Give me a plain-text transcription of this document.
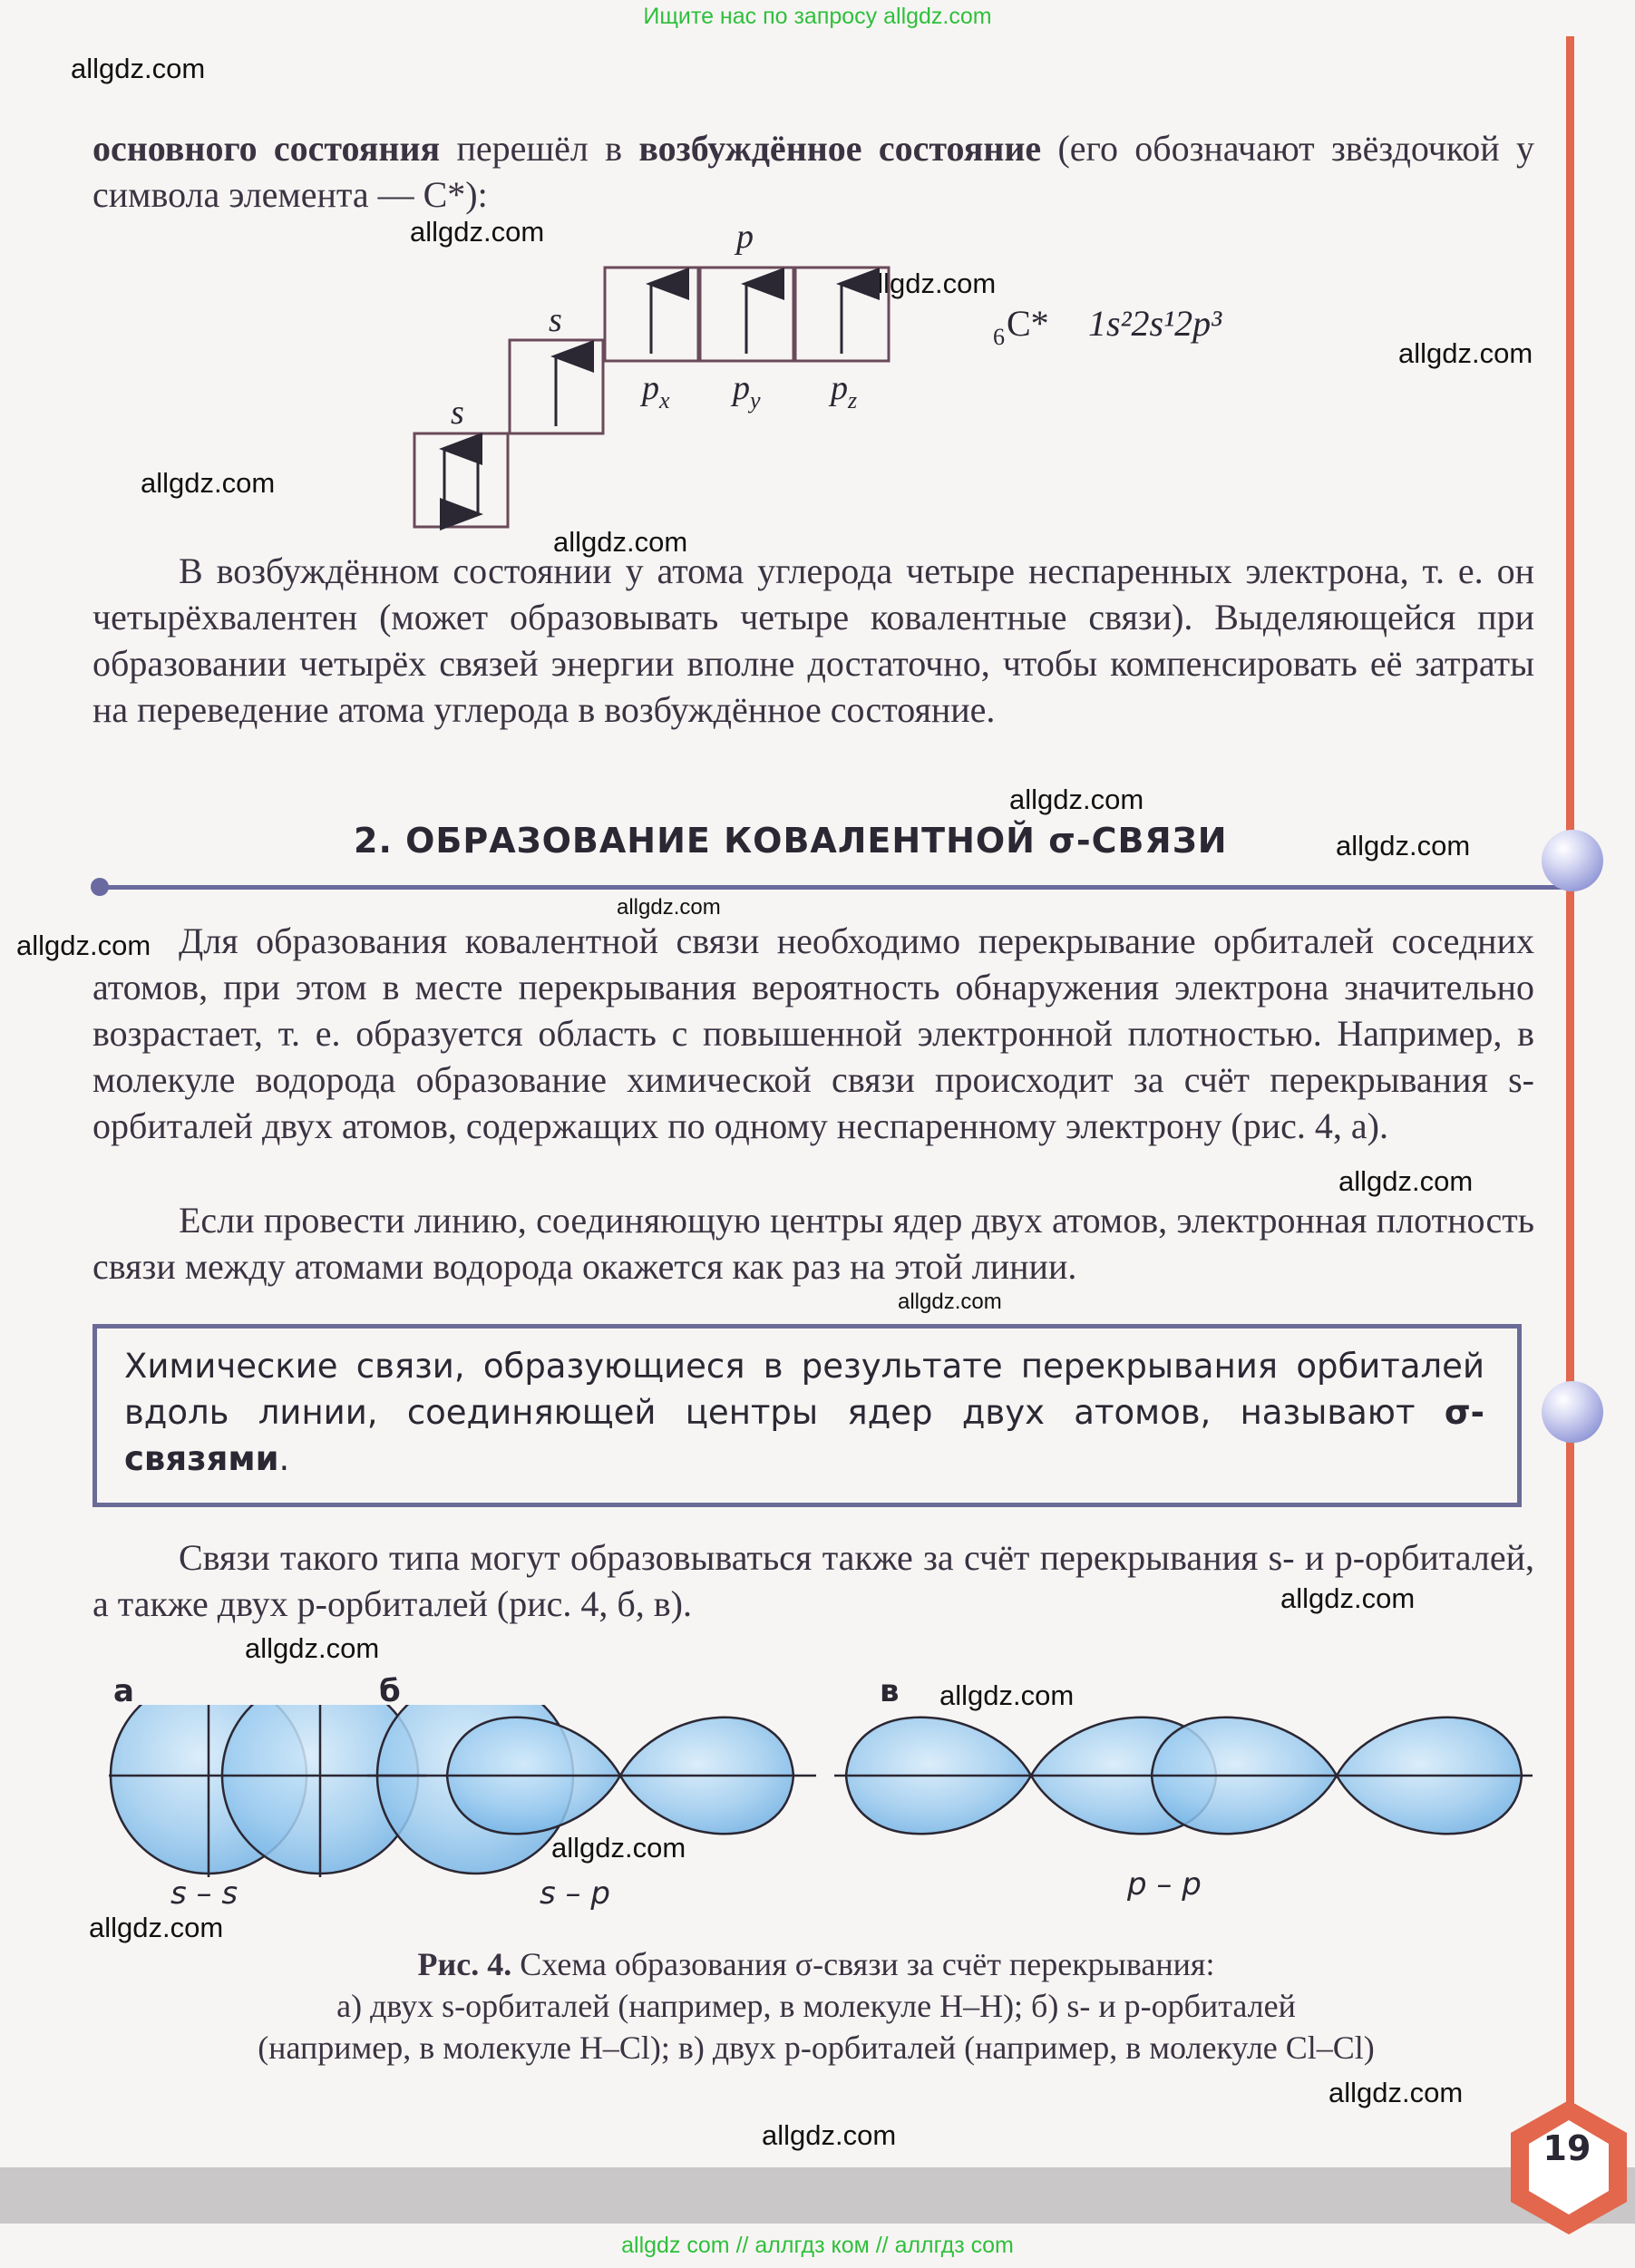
Ищите нас по запросу allgdz.com
allgdz.com
allgdz.com
allgdz.com
allgdz.com
allgdz.com
allgdz.com
allgdz.com
allgdz.com
allgdz.com
allgdz.com
allgdz.com
allgdz.com
allgdz.com
allgdz.com
allgdz.com
allgdz.com
allgdz.com
allgdz.com
allgdz.com
основного состояния перешёл в возбуждённое состояние (его обозначают звёздочкой у символа элемента — С*):
s
s
p
$p_x$ $p_y$ $p_z$
6 C* 1s²2s¹2p³
В возбуждённом состоянии у атома углерода четыре неспаренных электрона, т. е. он четырёхвалентен (может образовывать четыре ковалентные связи). Выделяющейся при образовании четырёх связей энергии вполне достаточно, чтобы компенсировать её затраты на переведение атома углерода в возбуждённое состояние.
2. ОБРАЗОВАНИЕ КОВАЛЕНТНОЙ σ-СВЯЗИ
Для образования ковалентной связи необходимо перекрывание орбиталей соседних атомов, при этом в месте перекрывания вероятность обнаружения электрона значительно возрастает, т. е. образуется область с повышенной электронной плотностью. Например, в молекуле водорода образование химической связи происходит за счёт перекрывания s-орбиталей двух атомов, содержащих по одному неспаренному электрону (рис. 4, а).
Если провести линию, соединяющую центры ядер двух атомов, электронная плотность связи между атомами водорода окажется как раз на этой линии.
Химические связи, образующиеся в результате перекрывания орбиталей вдоль линии, соединяющей центры ядер двух атомов, называют σ-связями.
Связи такого типа могут образовываться также за счёт перекрывания s- и p-орбиталей, а также двух p-орбиталей (рис. 4, б, в).
а	б	в
s – s	s – p	p – p
Рис. 4. Схема образования σ-связи за счёт перекрывания:
а) двух s-орбиталей (например, в молекуле H–H); б) s- и p-орбиталей
(например, в молекуле H–Cl); в) двух p-орбиталей (например, в молекуле Cl–Cl)
19
allgdz com // аллгдз ком // аллгдз com
